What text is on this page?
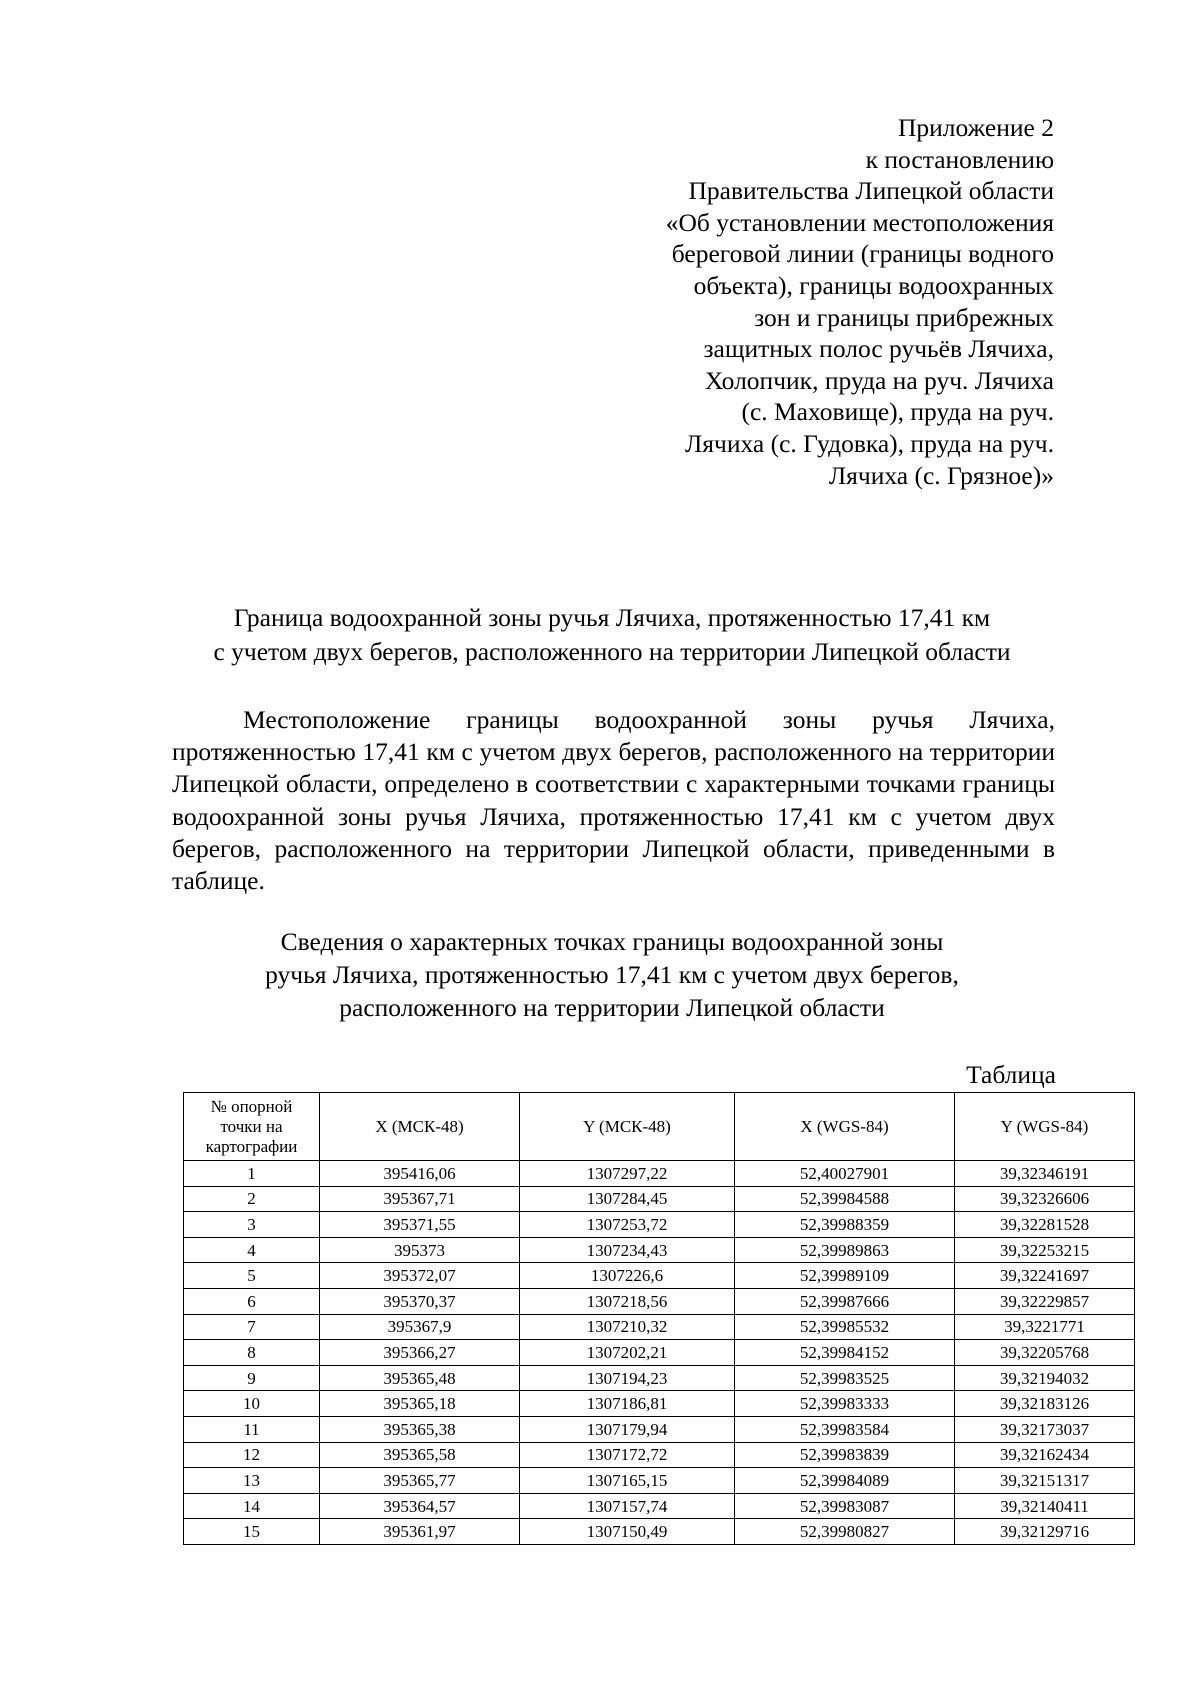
Приложение 2
к постановлению
Правительства Липецкой области
«Об установлении местоположения
береговой линии (границы водного
объекта), границы водоохранных
зон и границы прибрежных
защитных полос ручьёв Лячиха,
Холопчик, пруда на руч. Лячиха
(с. Маховище), пруда на руч.
Лячиха (с. Гудовка), пруда на руч.
Лячиха (с. Грязное)»
Граница водоохранной зоны ручья Лячиха, протяженностью 17,41 км
с учетом двух берегов, расположенного на территории Липецкой области
Местоположение границы водоохранной зоны ручья Лячиха, протяженностью 17,41 км с учетом двух берегов, расположенного на территории Липецкой области, определено в соответствии с характерными точками границы водоохранной зоны ручья Лячиха, протяженностью 17,41 км с учетом двух берегов, расположенного на территории Липецкой области, приведенными в таблице.
Сведения о характерных точках границы водоохранной зоны
ручья Лячиха, протяженностью 17,41 км с учетом двух берегов,
расположенного на территории Липецкой области
Таблица
№ опорной
точки на
картографии	X (МСК-48)	Y (МСК-48)	X (WGS-84)	Y (WGS-84)
1	395416,06	1307297,22	52,40027901	39,32346191
2	395367,71	1307284,45	52,39984588	39,32326606
3	395371,55	1307253,72	52,39988359	39,32281528
4	395373	1307234,43	52,39989863	39,32253215
5	395372,07	1307226,6	52,39989109	39,32241697
6	395370,37	1307218,56	52,39987666	39,32229857
7	395367,9	1307210,32	52,39985532	39,3221771
8	395366,27	1307202,21	52,39984152	39,32205768
9	395365,48	1307194,23	52,39983525	39,32194032
10	395365,18	1307186,81	52,39983333	39,32183126
11	395365,38	1307179,94	52,39983584	39,32173037
12	395365,58	1307172,72	52,39983839	39,32162434
13	395365,77	1307165,15	52,39984089	39,32151317
14	395364,57	1307157,74	52,39983087	39,32140411
15	395361,97	1307150,49	52,39980827	39,32129716
